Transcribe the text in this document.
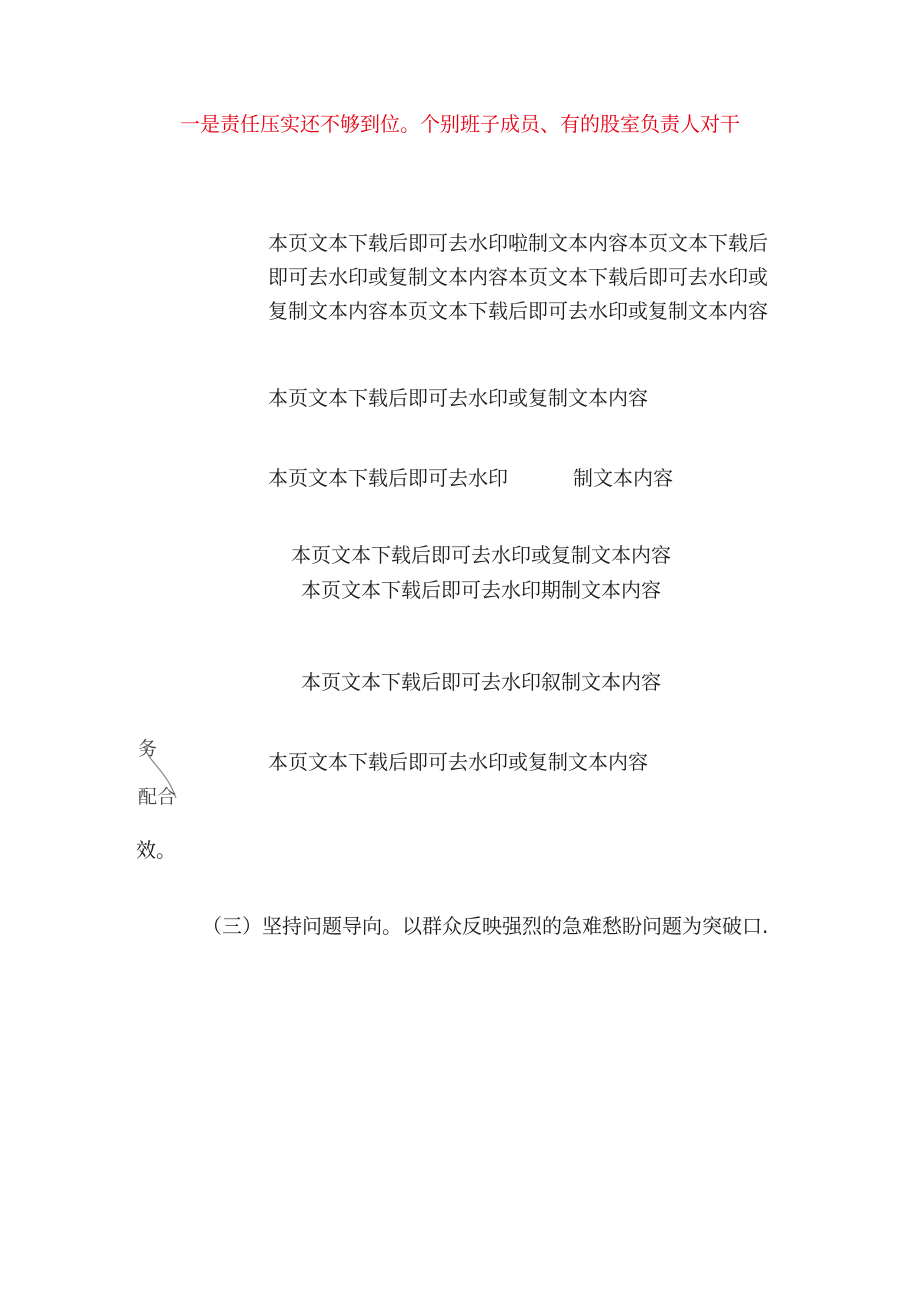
一是责任压实还不够到位。个别班子成员、有的股室负责人对干
本页文本下载后即可去水印啦制文本内容本页文本下载后
即可去水印或复制文本内容本页文本下载后即可去水印或
复制文本内容本页文本下载后即可去水印或复制文本内容
本页文本下载后即可去水印或复制文本内容
本页文本下载后即可去水印	制文本内容
本页文本下载后即可去水印或复制文本内容
本页文本下载后即可去水印期制文本内容
本页文本下载后即可去水印叙制文本内容
务
配合
本页文本下载后即可去水印或复制文本内容
效。
（三）坚持问题导向。以群众反映强烈的急难愁盼问题为突破口.
